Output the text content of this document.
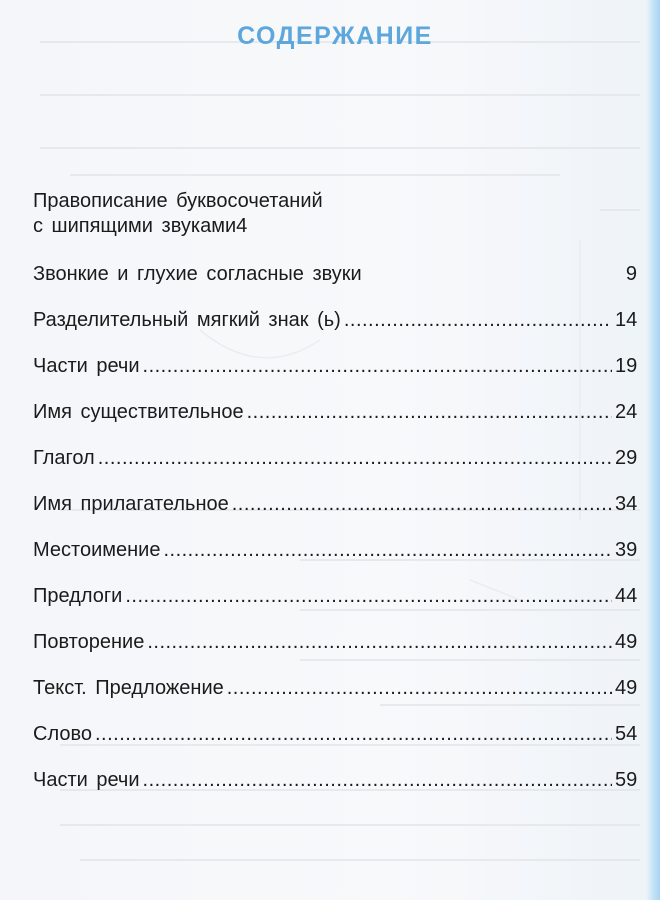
СОДЕРЖАНИЕ
Правописание буквосочетаний
с шипящими звуками 4
Звонкие и глухие согласные звуки	9
Разделительный мягкий знак (ь) .....	14
Части речи .....	19
Имя существительное .....	24
Глагол .....	29
Имя прилагательное .....	34
Местоимение .....	39
Предлоги .....	44
Повторение .....	49
Текст. Предложение .....	49
Слово .....	54
Части речи .....	59
